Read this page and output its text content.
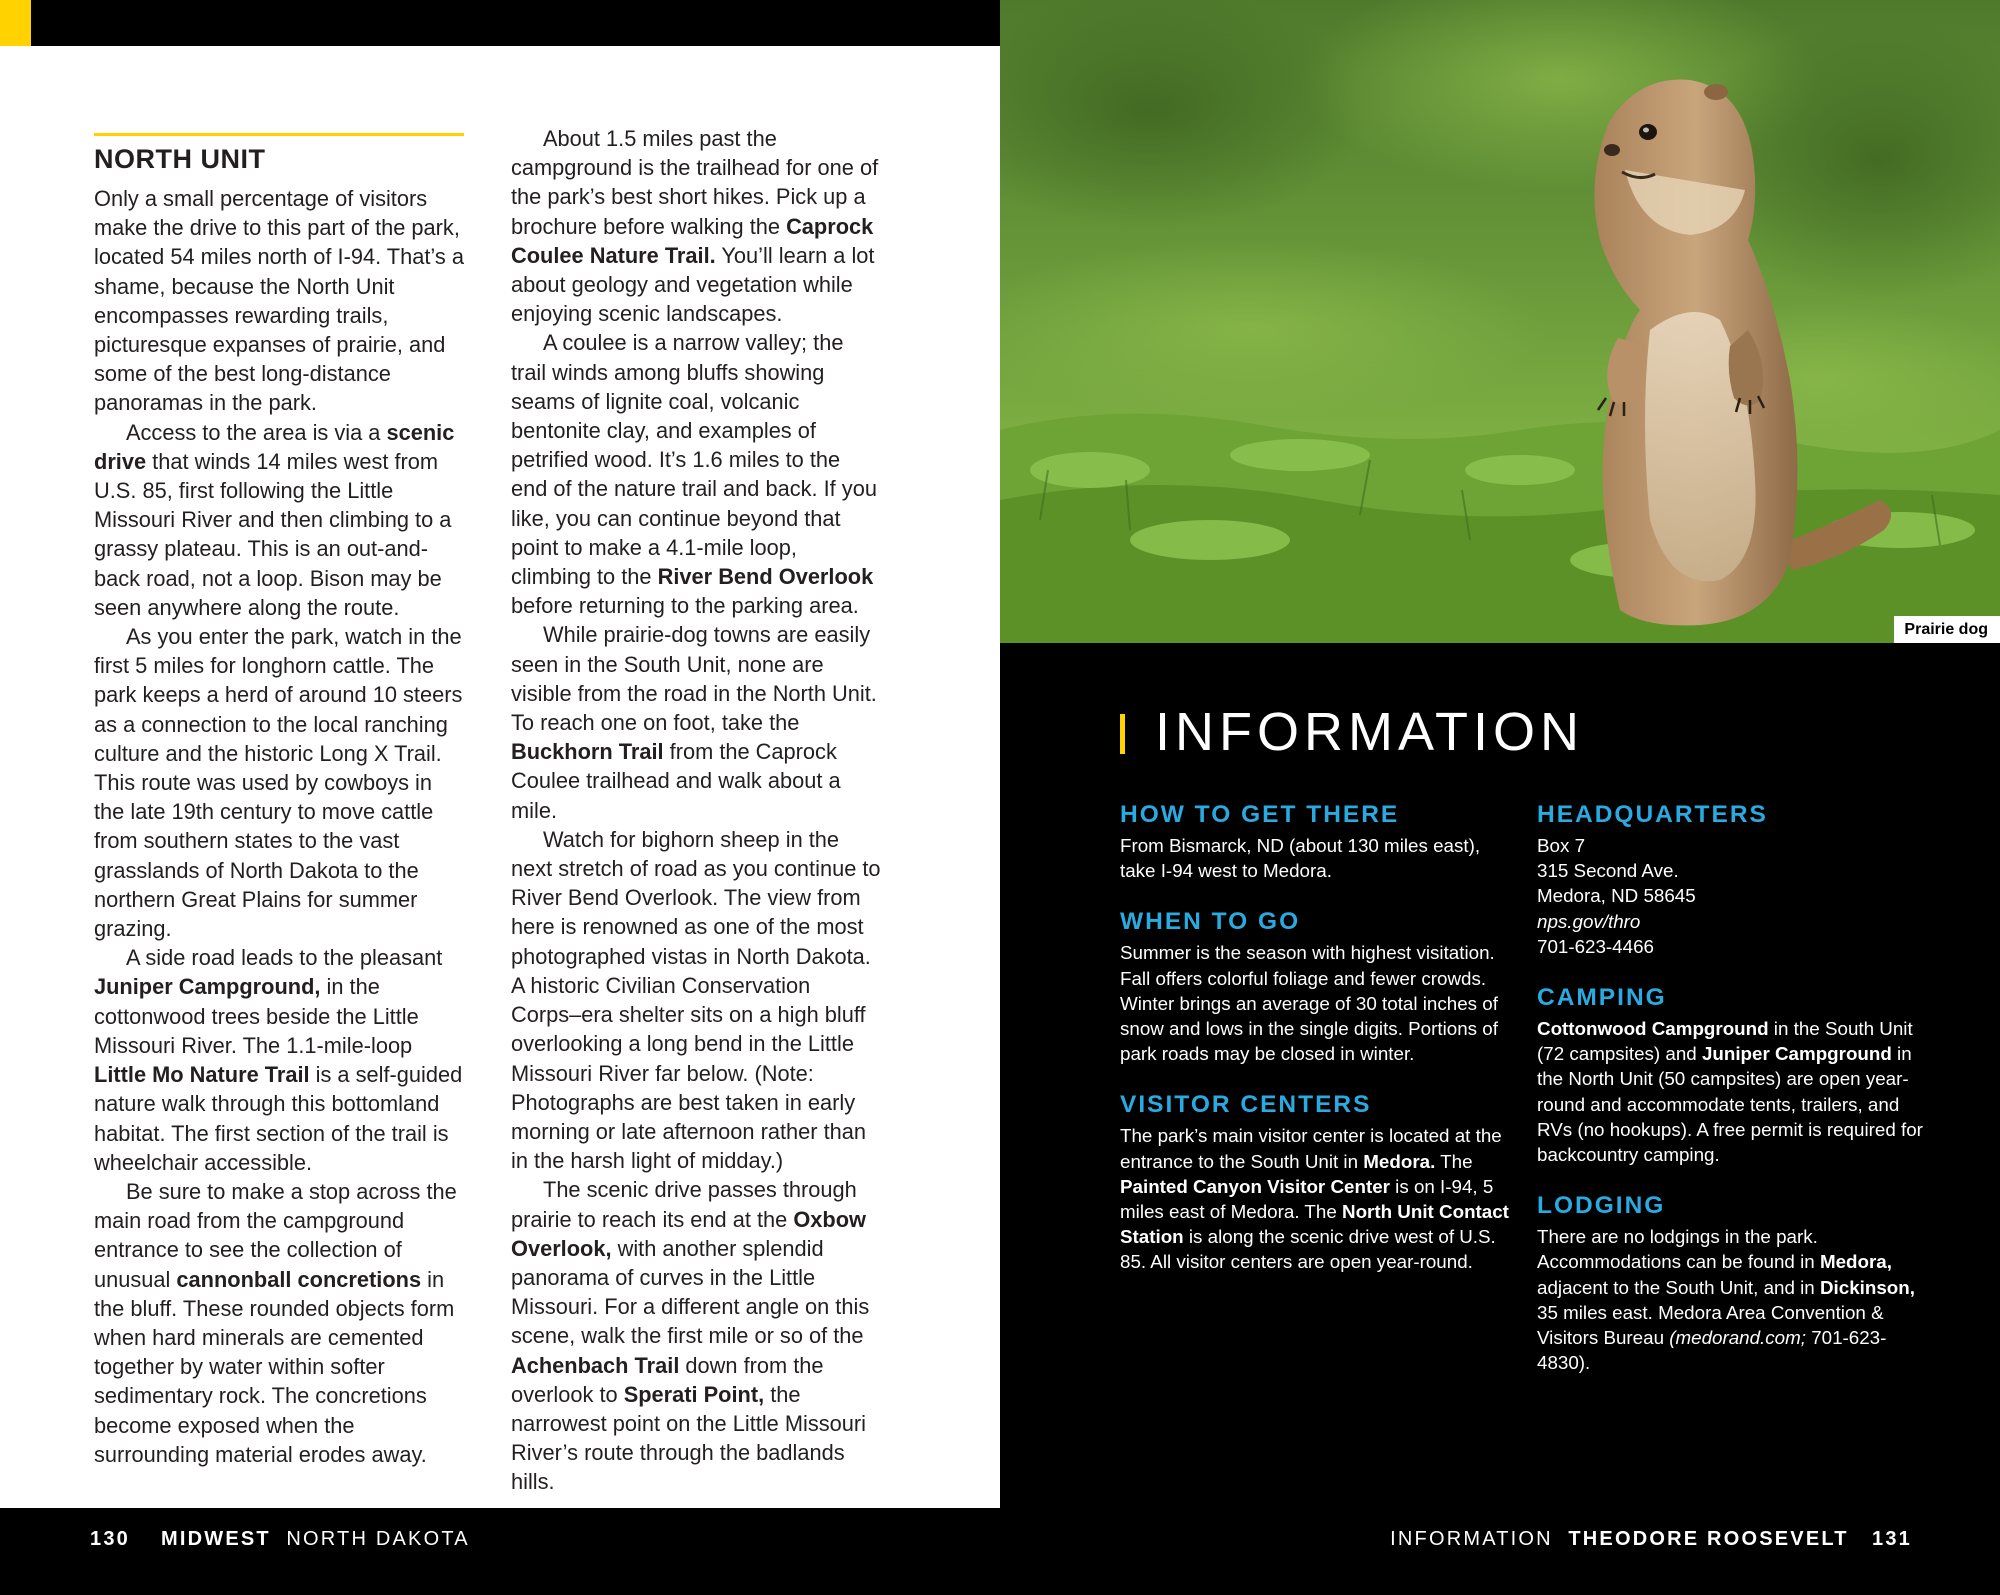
NORTH UNIT

Only a small percentage of visitors make the drive to this part of the park, located 54 miles north of I-94. That’s a shame, because the North Unit encompasses rewarding trails, picturesque expanses of prairie, and some of the best long-distance panoramas in the park.

Access to the area is via a scenic drive that winds 14 miles west from U.S. 85, first following the Little Missouri River and then climbing to a grassy plateau. This is an out-and-back road, not a loop. Bison may be seen anywhere along the route.

As you enter the park, watch in the first 5 miles for longhorn cattle. The park keeps a herd of around 10 steers as a connection to the local ranching culture and the historic Long X Trail. This route was used by cowboys in the late 19th century to move cattle from southern states to the vast grasslands of North Dakota to the northern Great Plains for summer grazing.

A side road leads to the pleasant Juniper Campground, in the cottonwood trees beside the Little Missouri River. The 1.1-mile-loop Little Mo Nature Trail is a self-guided nature walk through this bottomland habitat. The first section of the trail is wheelchair accessible.

Be sure to make a stop across the main road from the campground entrance to see the collection of unusual cannonball concretions in the bluff. These rounded objects form when hard minerals are cemented together by water within softer sedimentary rock. The concretions become exposed when the surrounding material erodes away.

About 1.5 miles past the campground is the trailhead for one of the park’s best short hikes. Pick up a brochure before walking the Caprock Coulee Nature Trail. You’ll learn a lot about geology and vegetation while enjoying scenic landscapes.

A coulee is a narrow valley; the trail winds among bluffs showing seams of lignite coal, volcanic bentonite clay, and examples of petrified wood. It’s 1.6 miles to the end of the nature trail and back. If you like, you can continue beyond that point to make a 4.1-mile loop, climbing to the River Bend Overlook before returning to the parking area.

While prairie-dog towns are easily seen in the South Unit, none are visible from the road in the North Unit. To reach one on foot, take the Buckhorn Trail from the Caprock Coulee trailhead and walk about a mile.

Watch for bighorn sheep in the next stretch of road as you continue to River Bend Overlook. The view from here is renowned as one of the most photographed vistas in North Dakota. A historic Civilian Conservation Corps–era shelter sits on a high bluff overlooking a long bend in the Little Missouri River far below. (Note: Photographs are best taken in early morning or late afternoon rather than in the harsh light of midday.)

The scenic drive passes through prairie to reach its end at the Oxbow Overlook, with another splendid panorama of curves in the Little Missouri. For a different angle on this scene, walk the first mile or so of the Achenbach Trail down from the overlook to Sperati Point, the narrowest point on the Little Missouri River’s route through the badlands hills.

130 MIDWEST NORTH DAKOTA
Prairie dog
INFORMATION
HOW TO GET THERE
From Bismarck, ND (about 130 miles east), take I-94 west to Medora.
WHEN TO GO
Summer is the season with highest visitation. Fall offers colorful foliage and fewer crowds. Winter brings an average of 30 total inches of snow and lows in the single digits. Portions of park roads may be closed in winter.
VISITOR CENTERS
The park’s main visitor center is located at the entrance to the South Unit in Medora. The Painted Canyon Visitor Center is on I-94, 5 miles east of Medora. The North Unit Contact Station is along the scenic drive west of U.S. 85. All visitor centers are open year-round.
HEADQUARTERS
Box 7
315 Second Ave.
Medora, ND 58645
nps.gov/thro
701-623-4466
CAMPING
Cottonwood Campground in the South Unit (72 campsites) and Juniper Campground in the North Unit (50 campsites) are open year-round and accommodate tents, trailers, and RVs (no hookups). A free permit is required for backcountry camping.
LODGING
There are no lodgings in the park. Accommodations can be found in Medora, adjacent to the South Unit, and in Dickinson, 35 miles east. Medora Area Convention & Visitors Bureau (medorand.com; 701-623-4830).
INFORMATION THEODORE ROOSEVELT 131
